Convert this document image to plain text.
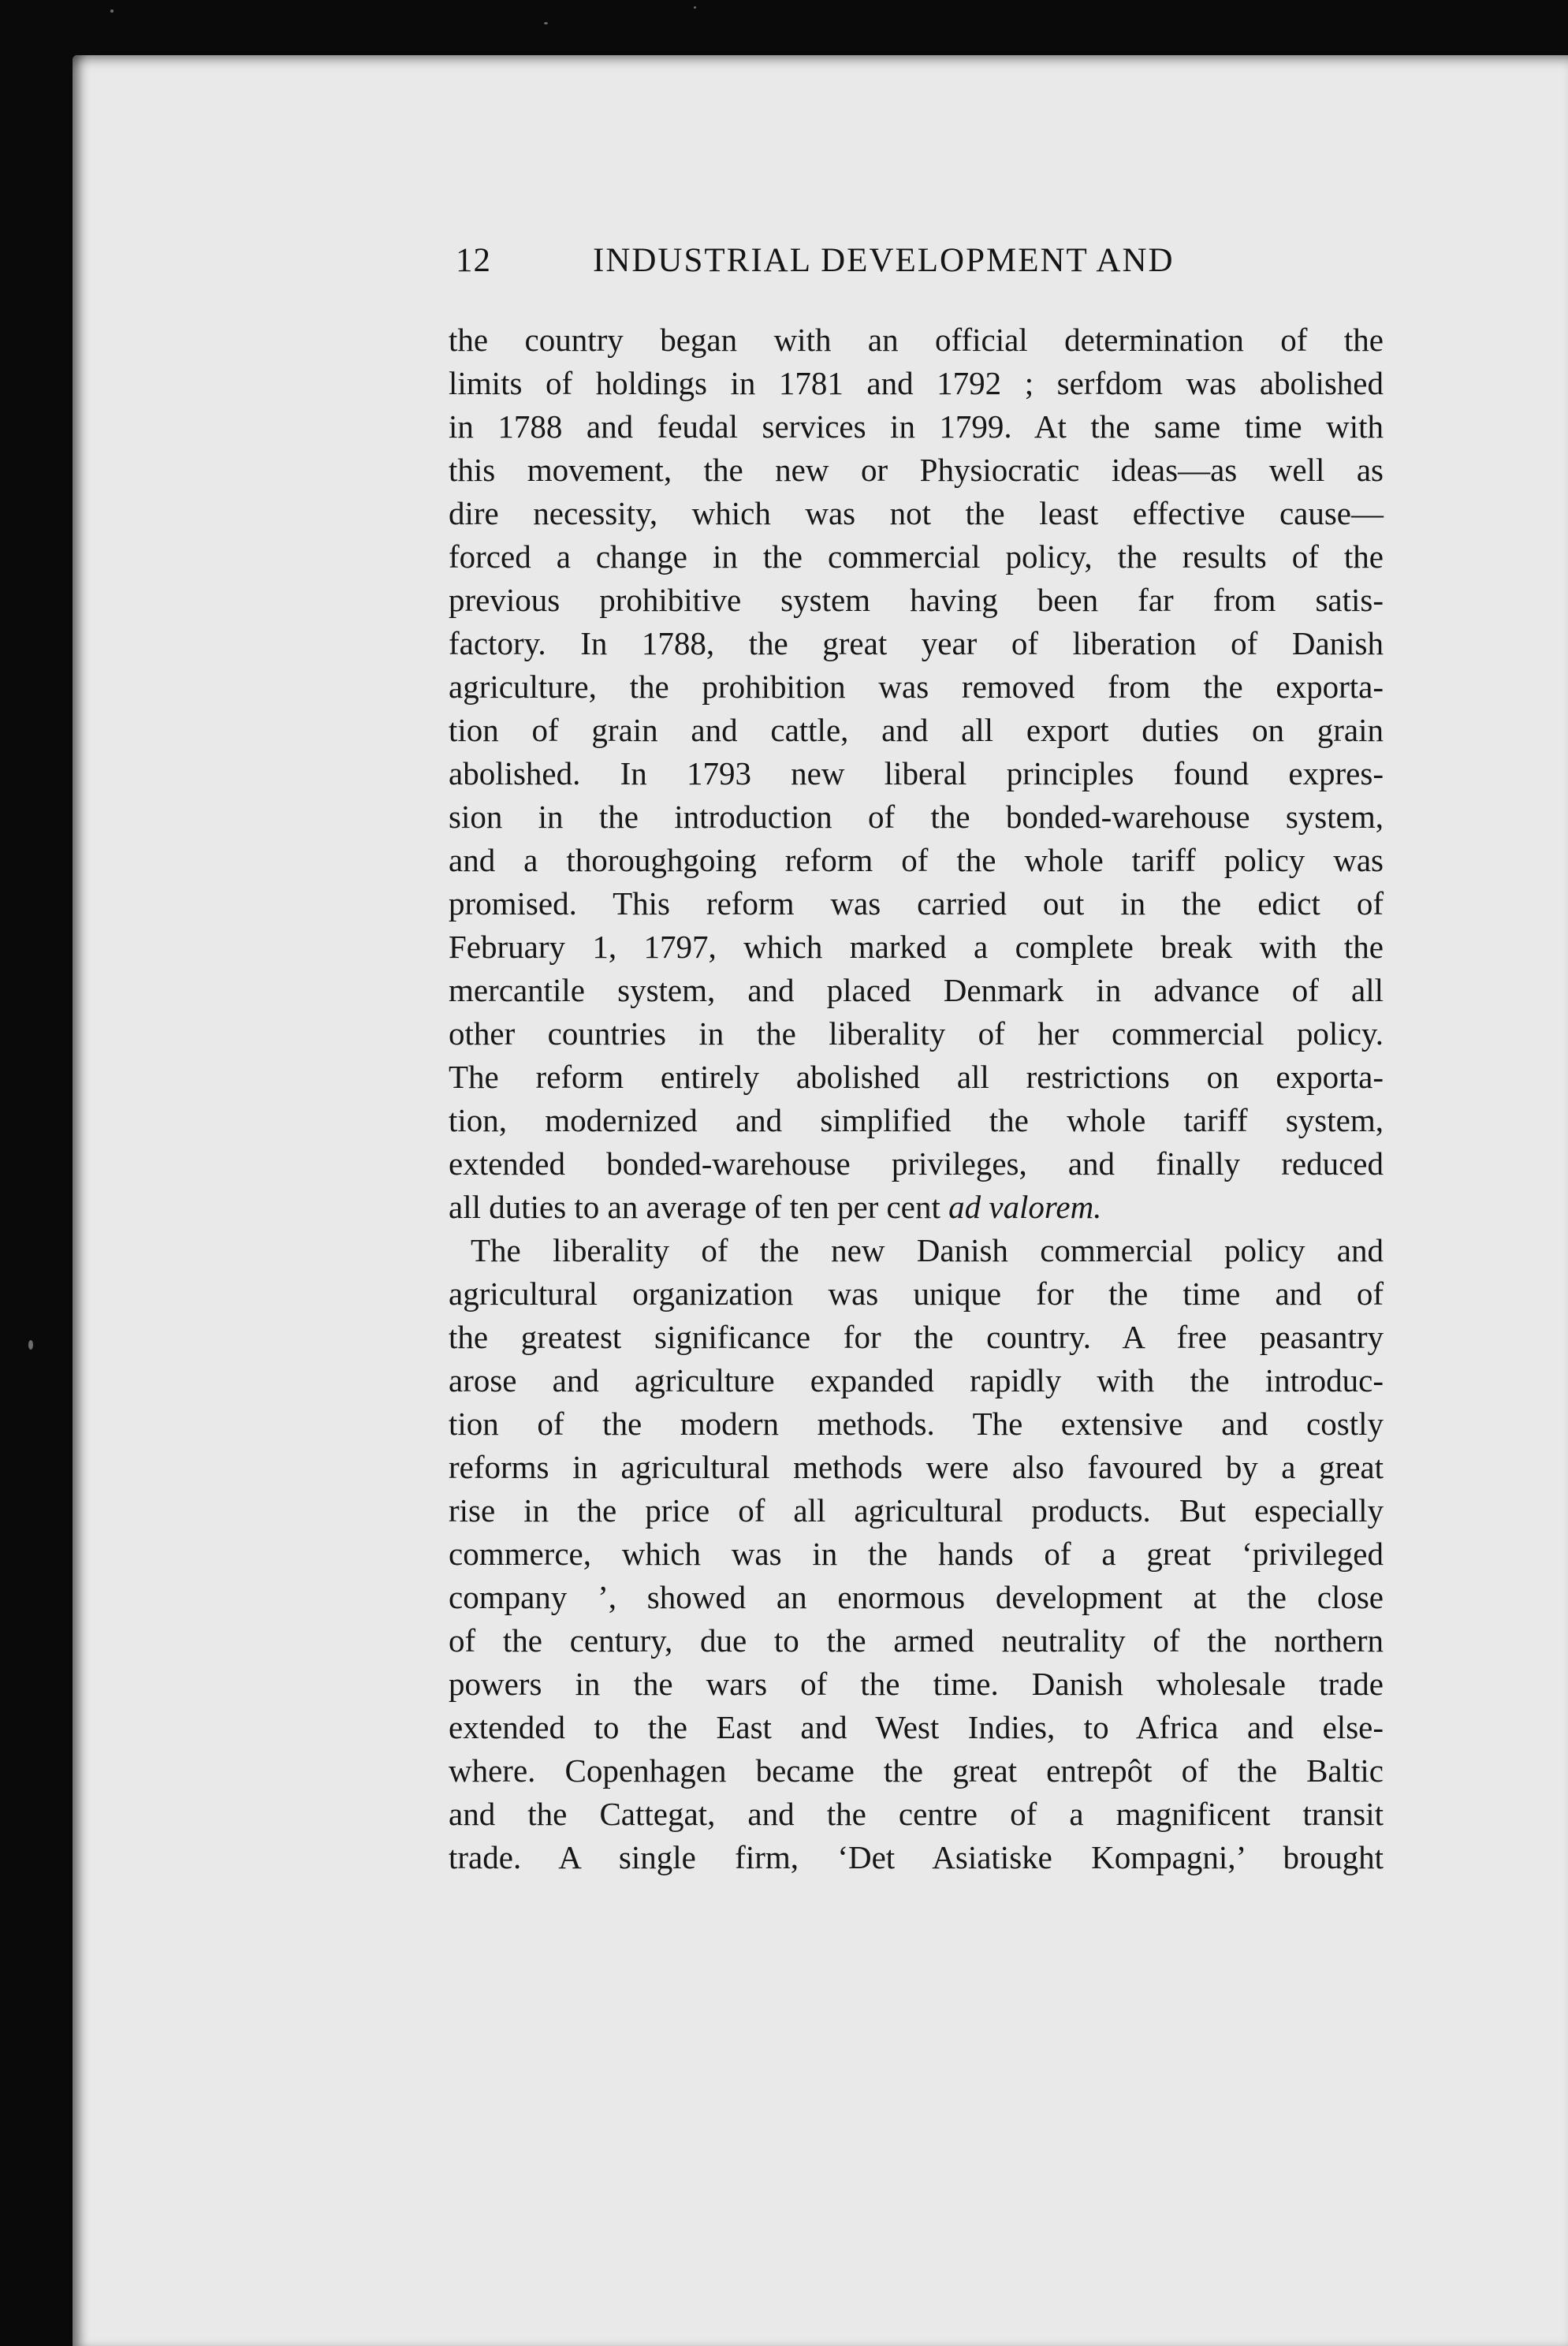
12	INDUSTRIAL DEVELOPMENT AND
the country began with an official determination of the
limits of holdings in 1781 and 1792 ; serfdom was abolished
in 1788 and feudal services in 1799. At the same time with
this movement, the new or Physiocratic ideas—as well as
dire necessity, which was not the least effective cause—
forced a change in the commercial policy, the results of the
previous prohibitive system having been far from satis-
factory. In 1788, the great year of liberation of Danish
agriculture, the prohibition was removed from the exporta-
tion of grain and cattle, and all export duties on grain
abolished. In 1793 new liberal principles found expres-
sion in the introduction of the bonded-warehouse system,
and a thoroughgoing reform of the whole tariff policy was
promised. This reform was carried out in the edict of
February 1, 1797, which marked a complete break with the
mercantile system, and placed Denmark in advance of all
other countries in the liberality of her commercial policy.
The reform entirely abolished all restrictions on exporta-
tion, modernized and simplified the whole tariff system,
extended bonded-warehouse privileges, and finally reduced
all duties to an average of ten per cent ad valorem.
The liberality of the new Danish commercial policy and
agricultural organization was unique for the time and of
the greatest significance for the country. A free peasantry
arose and agriculture expanded rapidly with the introduc-
tion of the modern methods. The extensive and costly
reforms in agricultural methods were also favoured by a great
rise in the price of all agricultural products. But especially
commerce, which was in the hands of a great ‘privileged
company ’, showed an enormous development at the close
of the century, due to the armed neutrality of the northern
powers in the wars of the time. Danish wholesale trade
extended to the East and West Indies, to Africa and else-
where. Copenhagen became the great entrepôt of the Baltic
and the Cattegat, and the centre of a magnificent transit
trade. A single firm, ‘Det Asiatiske Kompagni,’ brought
